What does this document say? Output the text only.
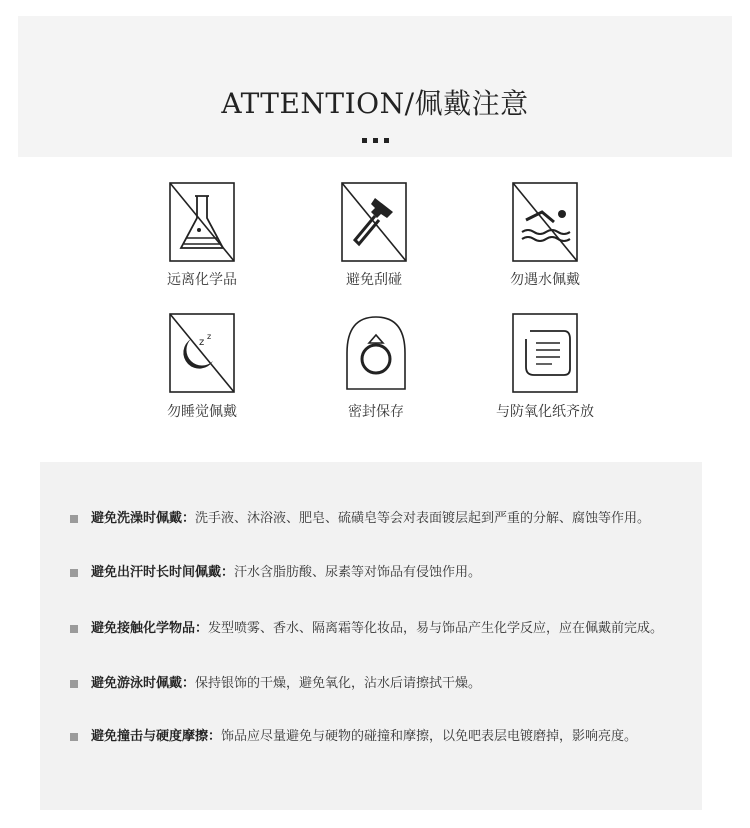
ATTENTION/佩戴注意
远离化学品	避免刮碰	勿遇水佩戴
z
z
勿睡觉佩戴	密封保存	与防氧化纸齐放
避免洗澡时佩戴：洗手液、沐浴液、肥皂、硫磺皂等会对表面镀层起到严重的分解、腐蚀等作用。
避免出汗时长时间佩戴：汗水含脂肪酸、尿素等对饰品有侵蚀作用。
避免接触化学物品：发型喷雾、香水、隔离霜等化妆品，易与饰品产生化学反应，应在佩戴前完成。
避免游泳时佩戴：保持银饰的干燥，避免氧化，沾水后请擦拭干燥。
避免撞击与硬度摩擦：饰品应尽量避免与硬物的碰撞和摩擦，以免吧表层电镀磨掉，影响亮度。
